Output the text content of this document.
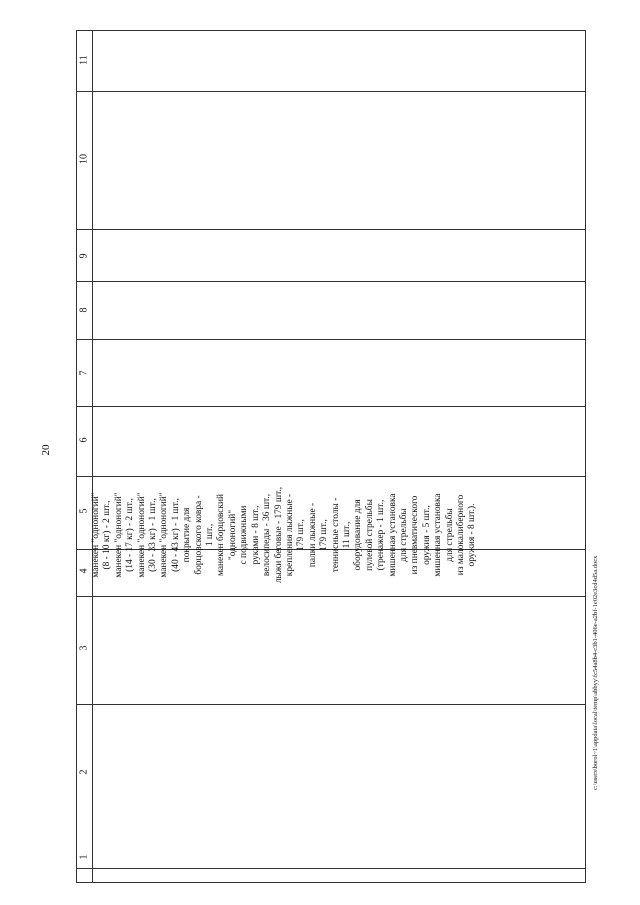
20
1
2
3
4
5
6
7
8
9
10
11
манекен "одноногий" (8 - 10 кг) - 2 шт., манекен "одноногий" (14 - 17 кг) - 2 шт., манекен "одноногий" (30 - 33 кг) - 1 шт., манекен "одноногий" (40 - 43 кг) - 1 шт., покрытие для борцовского ковра - 1 шт., манекен борцовский "одноногий" с подвижными руками - 8 шт., велосипеды - 36 шт., лыжи беговые - 179 шт., крепления лыжные - 179 шт., палки лыжные - 179 шт., теннисные столы - 11 шт., оборудование для пулевой стрельбы (тренажер - 1 шт., мишенная установка для стрельбы из пневматического оружия - 5 шт., мишенная установка для стрельбы из малокалиберного оружия - 8 шт.).
c:\users\borol~1\appdata\local\temp\abbyy\fc54a8b4-c3b1-406e-a2bf-1e02e3cd4d5a.docx
